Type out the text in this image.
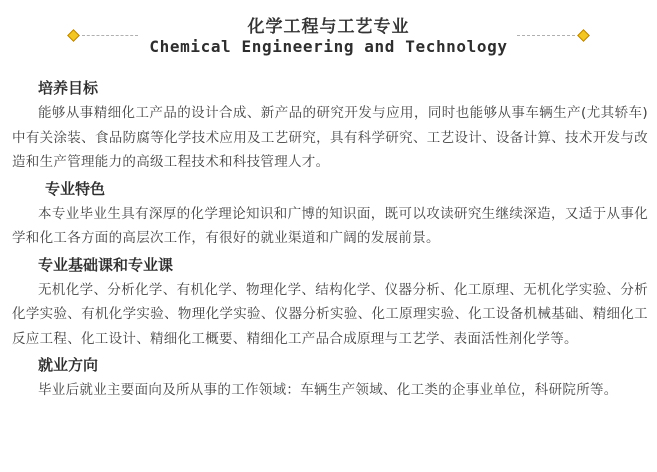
化学工程与工艺专业
Chemical Engineering and Technology
培养目标

能够从事精细化工产品的设计合成、新产品的研究开发与应用，同时也能够从事车辆生产(尤其轿车)中有关涂装、食品防腐等化学技术应用及工艺研究，具有科学研究、工艺设计、设备计算、技术开发与改造和生产管理能力的高级工程技术和科技管理人才。

专业特色

本专业毕业生具有深厚的化学理论知识和广博的知识面，既可以攻读研究生继续深造，又适于从事化学和化工各方面的高层次工作，有很好的就业渠道和广阔的发展前景。

专业基础课和专业课

无机化学、分析化学、有机化学、物理化学、结构化学、仪器分析、化工原理、无机化学实验、分析化学实验、有机化学实验、物理化学实验、仪器分析实验、化工原理实验、化工设备机械基础、精细化工反应工程、化工设计、精细化工概要、精细化工产品合成原理与工艺学、表面活性剂化学等。

就业方向

毕业后就业主要面向及所从事的工作领域：车辆生产领域、化工类的企事业单位，科研院所等。
